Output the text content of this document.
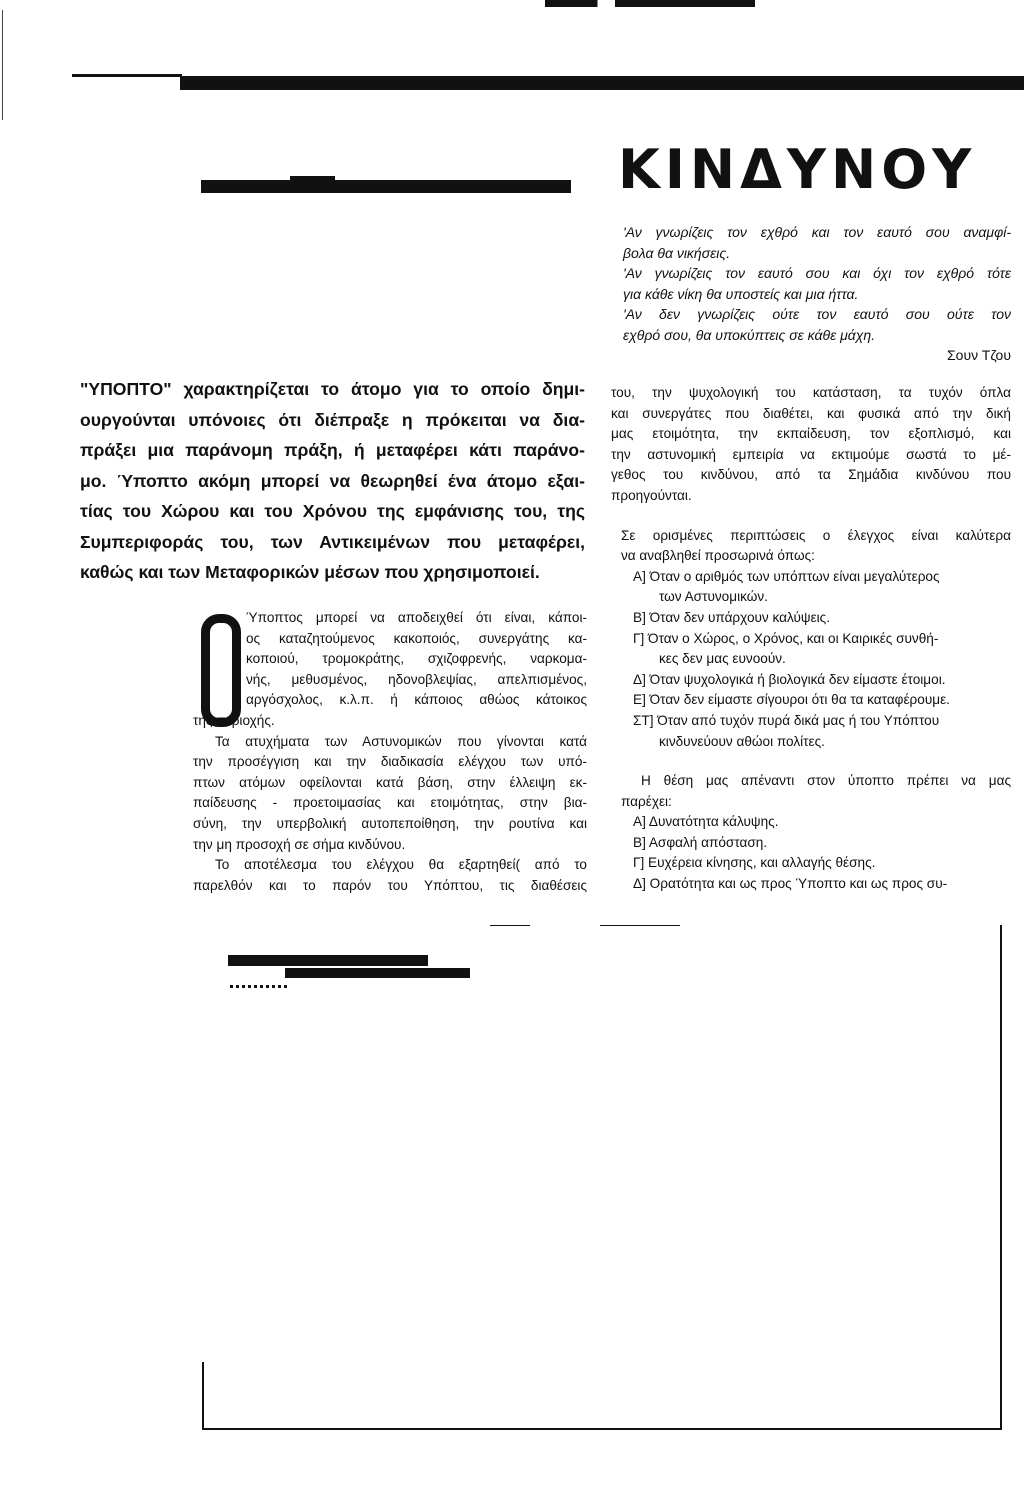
ΚΙΝΔΥΝΟΥ
'Αν γνωρίζεις τον εχθρό και τον εαυτό σου αναμφί-
βολα θα νικήσεις.
'Αν γνωρίζεις τον εαυτό σου και όχι τον εχθρό τότε
για κάθε νίκη θα υποστείς και μια ήττα.
'Αν δεν γνωρίζεις ούτε τον εαυτό σου ούτε τον
εχθρό σου, θα υποκύπτεις σε κάθε μάχη.
Σουν Τζου
"ΥΠΟΠΤΟ" χαρακτηρίζεται το άτομο για το οποίο δημι-
ουργούνται υπόνοιες ότι διέπραξε η πρόκειται να δια-
πράξει μια παράνομη πράξη, ή μεταφέρει κάτι παράνο-
μο. Ύποπτο ακόμη μπορεί να θεωρηθεί ένα άτομο εξαι-
τίας του Χώρου και του Χρόνου της εμφάνισης του, της
Συμπεριφοράς του, των Αντικειμένων που μεταφέρει,
καθώς και των Μεταφορικών μέσων που χρησιμοποιεί.
Ύποπτος μπορεί να αποδειχθεί ότι είναι, κάποι-
ος καταζητούμενος κακοποιός, συνεργάτης κα-
κοποιού, τρομοκράτης, σχιζοφρενής, ναρκομα-
νής, μεθυσμένος, ηδονοβλεψίας, απελπισμένος,
αργόσχολος, κ.λ.π. ή κάποιος αθώος κάτοικος
της περιοχής.
Τα ατυχήματα των Αστυνομικών που γίνονται κατά
την προσέγγιση και την διαδικασία ελέγχου των υπό-
πτων ατόμων οφείλονται κατά βάση, στην έλλειψη εκ-
παίδευσης - προετοιμασίας και ετοιμότητας, στην βια-
σύνη, την υπερβολική αυτοπεποίθηση, την ρουτίνα και
την μη προσοχή σε σήμα κινδύνου.
Το αποτέλεσμα του ελέγχου θα εξαρτηθεί( από το
παρελθόν και το παρόν του Υπόπτου, τις διαθέσεις
του, την ψυχολογική του κατάσταση, τα τυχόν όπλα
και συνεργάτες που διαθέτει, και φυσικά από την δική
μας ετοιμότητα, την εκπαίδευση, τον εξοπλισμό, και
την αστυνομική εμπειρία να εκτιμούμε σωστά το μέ-
γεθος του κινδύνου, από τα Σημάδια κινδύνου που
προηγούνται.
Σε ορισμένες περιπτώσεις ο έλεγχος είναι καλύτερα
να αναβληθεί προσωρινά όπως:
Α] Όταν ο αριθμός των υπόπτων είναι μεγαλύτερος
των Αστυνομικών.
Β] Όταν δεν υπάρχουν καλύψεις.
Γ] Όταν ο Χώρος, ο Χρόνος, και οι Καιρικές συνθή-
κες δεν μας ευνοούν.
Δ] Όταν ψυχολογικά ή βιολογικά δεν είμαστε έτοιμοι.
Ε] Όταν δεν είμαστε σίγουροι ότι θα τα καταφέρουμε.
ΣΤ] Όταν από τυχόν πυρά δικά μας ή του Υπόπτου
κινδυνεύουν αθώοι πολίτες.
Η θέση μας απέναντι στον ύποπτο πρέπει να μας
παρέχει:
Α] Δυνατότητα κάλυψης.
Β] Ασφαλή απόσταση.
Γ] Ευχέρεια κίνησης, και αλλαγής θέσης.
Δ] Ορατότητα και ως προς Ύποπτο και ως προς συ-
